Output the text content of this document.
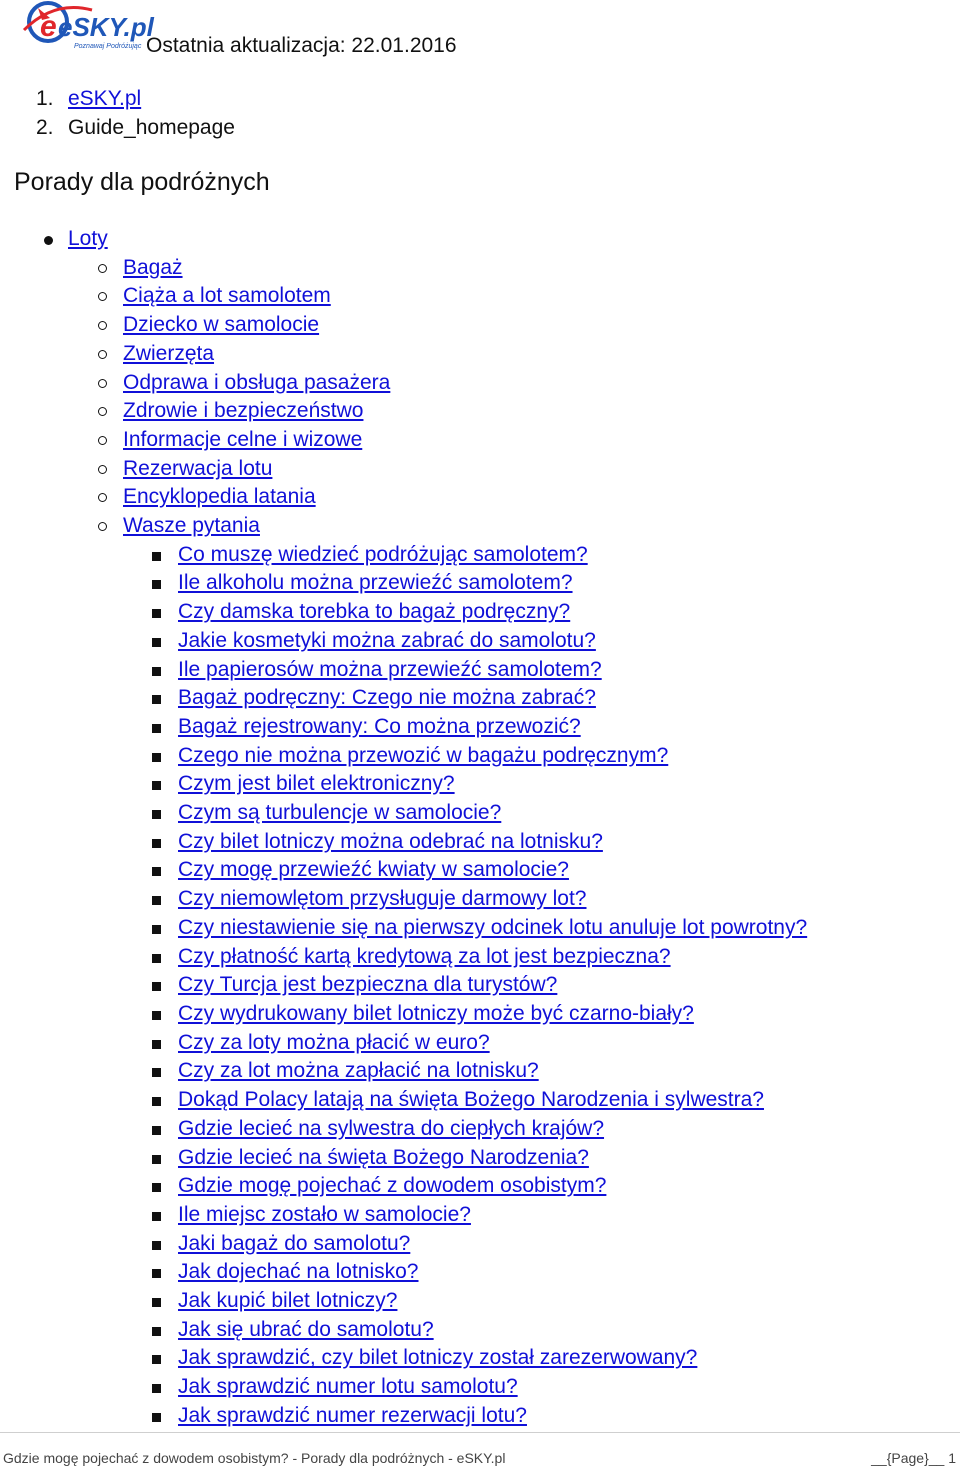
e eSKY.pl
Poznawaj Podróżując Ostatnia aktualizacja: 22.01.2016
1. eSKY.pl
2. Guide_homepage
Porady dla podróżnych
Loty
Bagaż
Ciąża a lot samolotem
Dziecko w samolocie
Zwierzęta
Odprawa i obsługa pasażera
Zdrowie i bezpieczeństwo
Informacje celne i wizowe
Rezerwacja lotu
Encyklopedia latania
Wasze pytania
Co muszę wiedzieć podróżując samolotem?
Ile alkoholu można przewieźć samolotem?
Czy damska torebka to bagaż podręczny?
Jakie kosmetyki można zabrać do samolotu?
Ile papierosów można przewieźć samolotem?
Bagaż podręczny: Czego nie można zabrać?
Bagaż rejestrowany: Co można przewozić?
Czego nie można przewozić w bagażu podręcznym?
Czym jest bilet elektroniczny?
Czym są turbulencje w samolocie?
Czy bilet lotniczy można odebrać na lotnisku?
Czy mogę przewieźć kwiaty w samolocie?
Czy niemowlętom przysługuje darmowy lot?
Czy niestawienie się na pierwszy odcinek lotu anuluje lot powrotny?
Czy płatność kartą kredytową za lot jest bezpieczna?
Czy Turcja jest bezpieczna dla turystów?
Czy wydrukowany bilet lotniczy może być czarno-biały?
Czy za loty można płacić w euro?
Czy za lot można zapłacić na lotnisku?
Dokąd Polacy latają na święta Bożego Narodzenia i sylwestra?
Gdzie lecieć na sylwestra do ciepłych krajów?
Gdzie lecieć na święta Bożego Narodzenia?
Gdzie mogę pojechać z dowodem osobistym?
Ile miejsc zostało w samolocie?
Jaki bagaż do samolotu?
Jak dojechać na lotnisko?
Jak kupić bilet lotniczy?
Jak się ubrać do samolotu?
Jak sprawdzić, czy bilet lotniczy został zarezerwowany?
Jak sprawdzić numer lotu samolotu?
Jak sprawdzić numer rezerwacji lotu?
Gdzie mogę pojechać z dowodem osobistym? - Porady dla podróżnych - eSKY.pl	__{Page}__ 1
